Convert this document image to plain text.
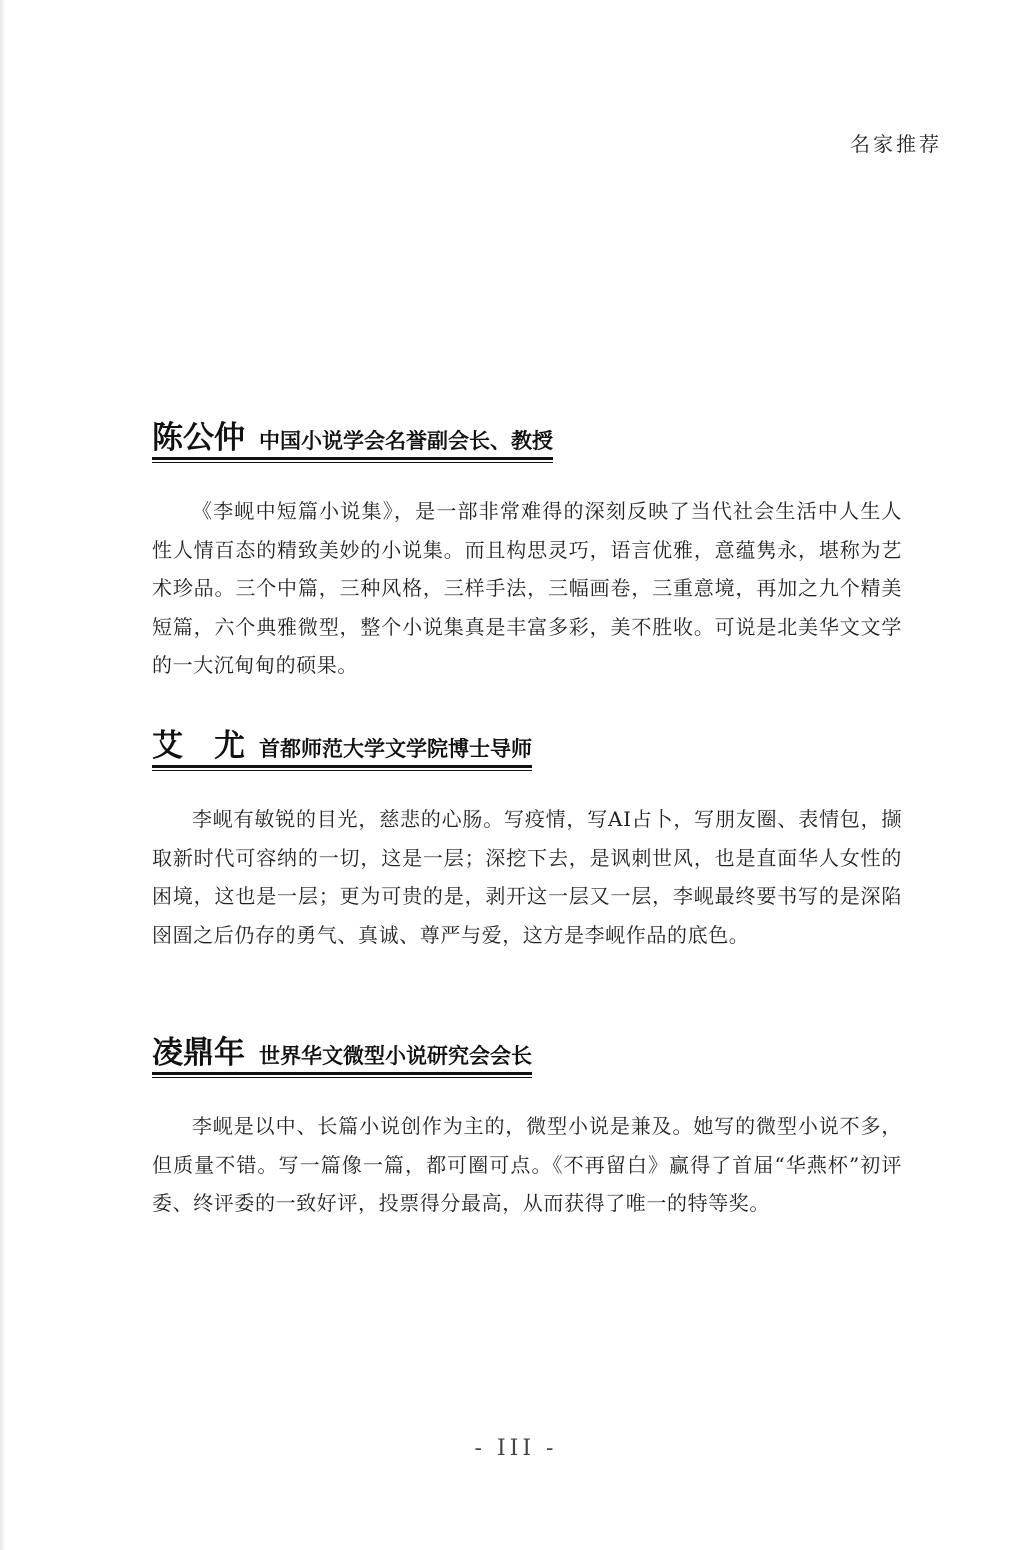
名家推荐
陈公仲 中国小说学会名誉副会长、教授
《李岘中短篇小说集》，是一部非常难得的深刻反映了当代社会生活中人生人性人情百态的精致美妙的小说集。而且构思灵巧，语言优雅，意蕴隽永，堪称为艺术珍品。三个中篇，三种风格，三样手法，三幅画卷，三重意境，再加之九个精美短篇，六个典雅微型，整个小说集真是丰富多彩，美不胜收。可说是北美华文文学的一大沉甸甸的硕果。
艾　尤 首都师范大学文学院博士导师
李岘有敏锐的目光，慈悲的心肠。写疫情，写AI占卜，写朋友圈、表情包，撷取新时代可容纳的一切，这是一层；深挖下去，是讽刺世风，也是直面华人女性的困境，这也是一层；更为可贵的是，剥开这一层又一层，李岘最终要书写的是深陷囹圄之后仍存的勇气、真诚、尊严与爱，这方是李岘作品的底色。
凌鼎年 世界华文微型小说研究会会长
李岘是以中、长篇小说创作为主的，微型小说是兼及。她写的微型小说不多，但质量不错。写一篇像一篇，都可圈可点。《不再留白》赢得了首届“华燕杯”初评委、终评委的一致好评，投票得分最高，从而获得了唯一的特等奖。
- III -
